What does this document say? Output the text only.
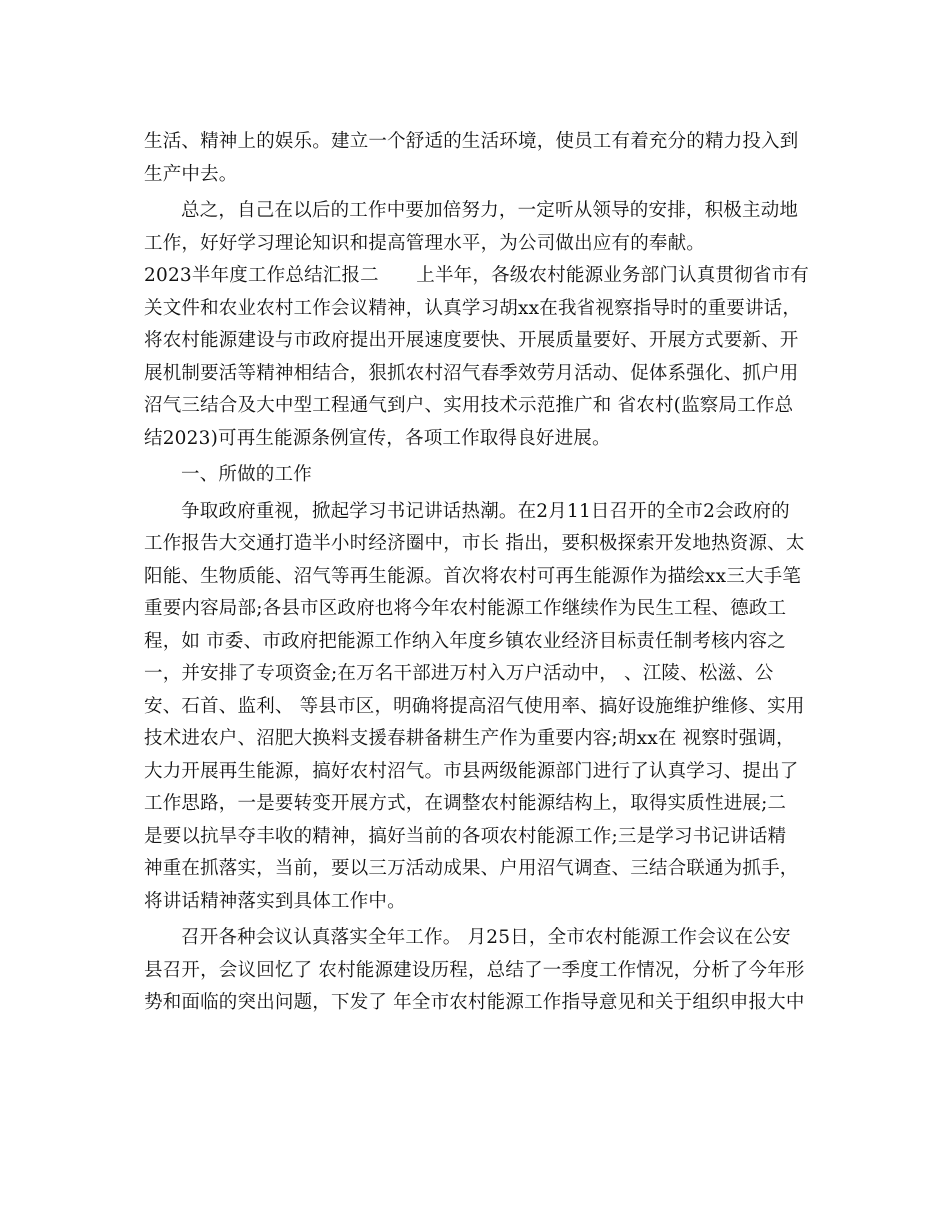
生活、精神上的娱乐。建立一个舒适的生活环境，使员工有着充分的精力投入到
生产中去。
总之，自己在以后的工作中要加倍努力，一定听从领导的安排，积极主动地
工作，好好学习理论知识和提高管理水平，为公司做出应有的奉献。
2023半年度工作总结汇报二　　上半年，各级农村能源业务部门认真贯彻省市有
关文件和农业农村工作会议精神，认真学习胡xx在我省视察指导时的重要讲话，
将农村能源建设与市政府提出开展速度要快、开展质量要好、开展方式要新、开
展机制要活等精神相结合，狠抓农村沼气春季效劳月活动、促体系强化、抓户用
沼气三结合及大中型工程通气到户、实用技术示范推广和 省农村(监察局工作总
结2023)可再生能源条例宣传，各项工作取得良好进展。
一、所做的工作
争取政府重视，掀起学习书记讲话热潮。在2月11日召开的全市2会政府的
工作报告大交通打造半小时经济圈中，市长 指出，要积极探索开发地热资源、太
阳能、生物质能、沼气等再生能源。首次将农村可再生能源作为描绘xx三大手笔
重要内容局部;各县市区政府也将今年农村能源工作继续作为民生工程、德政工
程，如 市委、市政府把能源工作纳入年度乡镇农业经济目标责任制考核内容之
一，并安排了专项资金;在万名干部进万村入万户活动中， 、江陵、松滋、公
安、石首、监利、 等县市区，明确将提高沼气使用率、搞好设施维护维修、实用
技术进农户、沼肥大换料支援春耕备耕生产作为重要内容;胡xx在 视察时强调，
大力开展再生能源，搞好农村沼气。市县两级能源部门进行了认真学习、提出了
工作思路，一是要转变开展方式，在调整农村能源结构上，取得实质性进展;二
是要以抗旱夺丰收的精神，搞好当前的各项农村能源工作;三是学习书记讲话精
神重在抓落实，当前，要以三万活动成果、户用沼气调查、三结合联通为抓手，
将讲话精神落实到具体工作中。
召开各种会议认真落实全年工作。 月25日，全市农村能源工作会议在公安
县召开，会议回忆了 农村能源建设历程，总结了一季度工作情况，分析了今年形
势和面临的突出问题，下发了 年全市农村能源工作指导意见和关于组织申报大中
